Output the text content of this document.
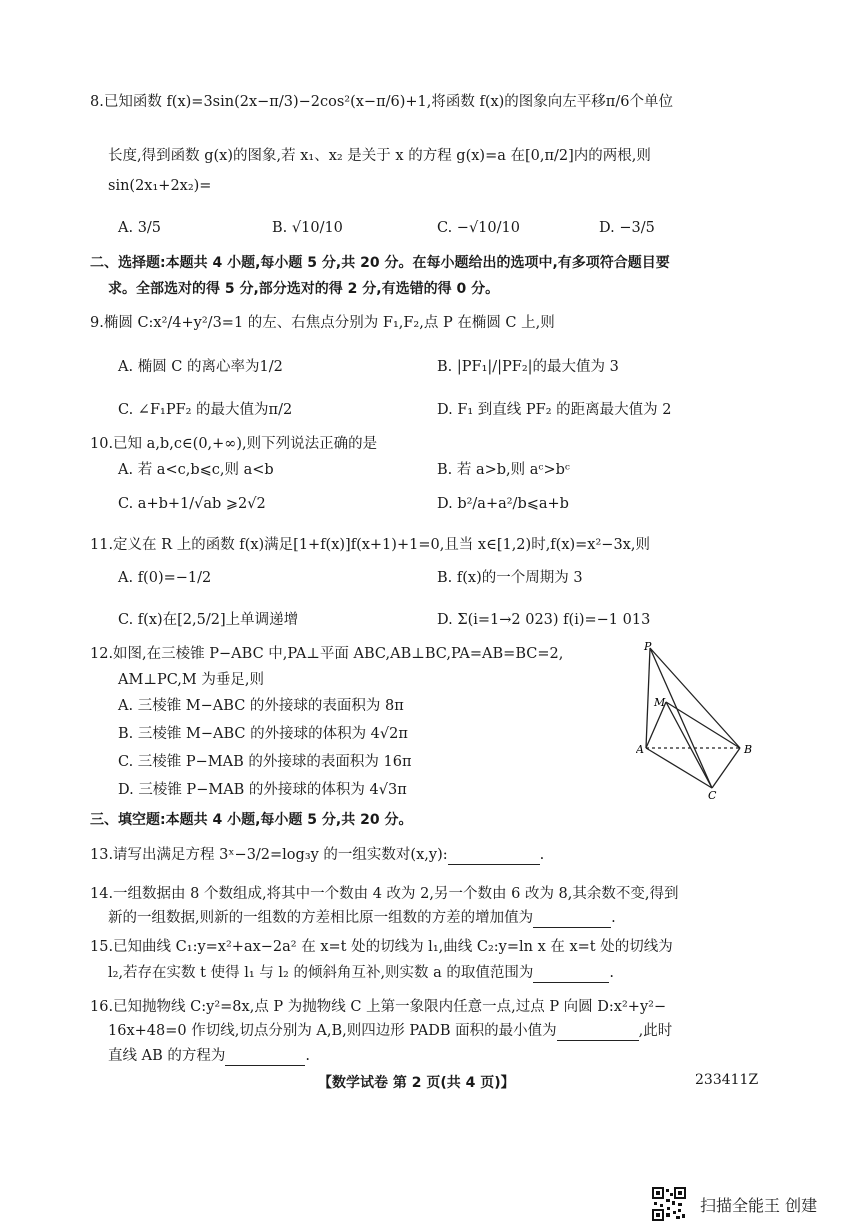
8.已知函数 f(x)=3sin(2x−π/3)−2cos²(x−π/6)+1,将函数 f(x)的图象向左平移π/6个单位
长度,得到函数 g(x)的图象,若 x₁、x₂ 是关于 x 的方程 g(x)=a 在[0,π/2]内的两根,则
sin(2x₁+2x₂)=
A. 3/5	B. √10/10	C. −√10/10	D. −3/5
二、选择题:本题共 4 小题,每小题 5 分,共 20 分。在每小题给出的选项中,有多项符合题目要
求。全部选对的得 5 分,部分选对的得 2 分,有选错的得 0 分。
9.椭圆 C:x²/4+y²/3=1 的左、右焦点分别为 F₁,F₂,点 P 在椭圆 C 上,则
A. 椭圆 C 的离心率为1/2	B. |PF₁|/|PF₂|的最大值为 3
C. ∠F₁PF₂ 的最大值为π/2	D. F₁ 到直线 PF₂ 的距离最大值为 2
10.已知 a,b,c∈(0,+∞),则下列说法正确的是
A. 若 a<c,b⩽c,则 a<b	B. 若 a>b,则 aᶜ>bᶜ
C. a+b+1/√ab ⩾2√2	D. b²/a+a²/b⩽a+b
11.定义在 R 上的函数 f(x)满足[1+f(x)]f(x+1)+1=0,且当 x∈[1,2)时,f(x)=x²−3x,则
A. f(0)=−1/2	B. f(x)的一个周期为 3
C. f(x)在[2,5/2]上单调递增	D. Σ(i=1→2 023) f(i)=−1 013
12.如图,在三棱锥 P−ABC 中,PA⊥平面 ABC,AB⊥BC,PA=AB=BC=2,
AM⊥PC,M 为垂足,则
A. 三棱锥 M−ABC 的外接球的表面积为 8π
B. 三棱锥 M−ABC 的外接球的体积为 4√2π
C. 三棱锥 P−MAB 的外接球的表面积为 16π
D. 三棱锥 P−MAB 的外接球的体积为 4√3π
P
M
A	B
C
三、填空题:本题共 4 小题,每小题 5 分,共 20 分。
13.请写出满足方程 3ˣ−3/2=log₃y 的一组实数对(x,y):	.
14.一组数据由 8 个数组成,将其中一个数由 4 改为 2,另一个数由 6 改为 8,其余数不变,得到
新的一组数据,则新的一组数的方差相比原一组数的方差的增加值为	.
15.已知曲线 C₁:y=x²+ax−2a² 在 x=t 处的切线为 l₁,曲线 C₂:y=ln x 在 x=t 处的切线为
l₂,若存在实数 t 使得 l₁ 与 l₂ 的倾斜角互补,则实数 a 的取值范围为	.
16.已知抛物线 C:y²=8x,点 P 为抛物线 C 上第一象限内任意一点,过点 P 向圆 D:x²+y²−
16x+48=0 作切线,切点分别为 A,B,则四边形 PADB 面积的最小值为	,此时
直线 AB 的方程为	.
【数学试卷 第 2 页(共 4 页)】	233411Z
扫描全能王 创建
